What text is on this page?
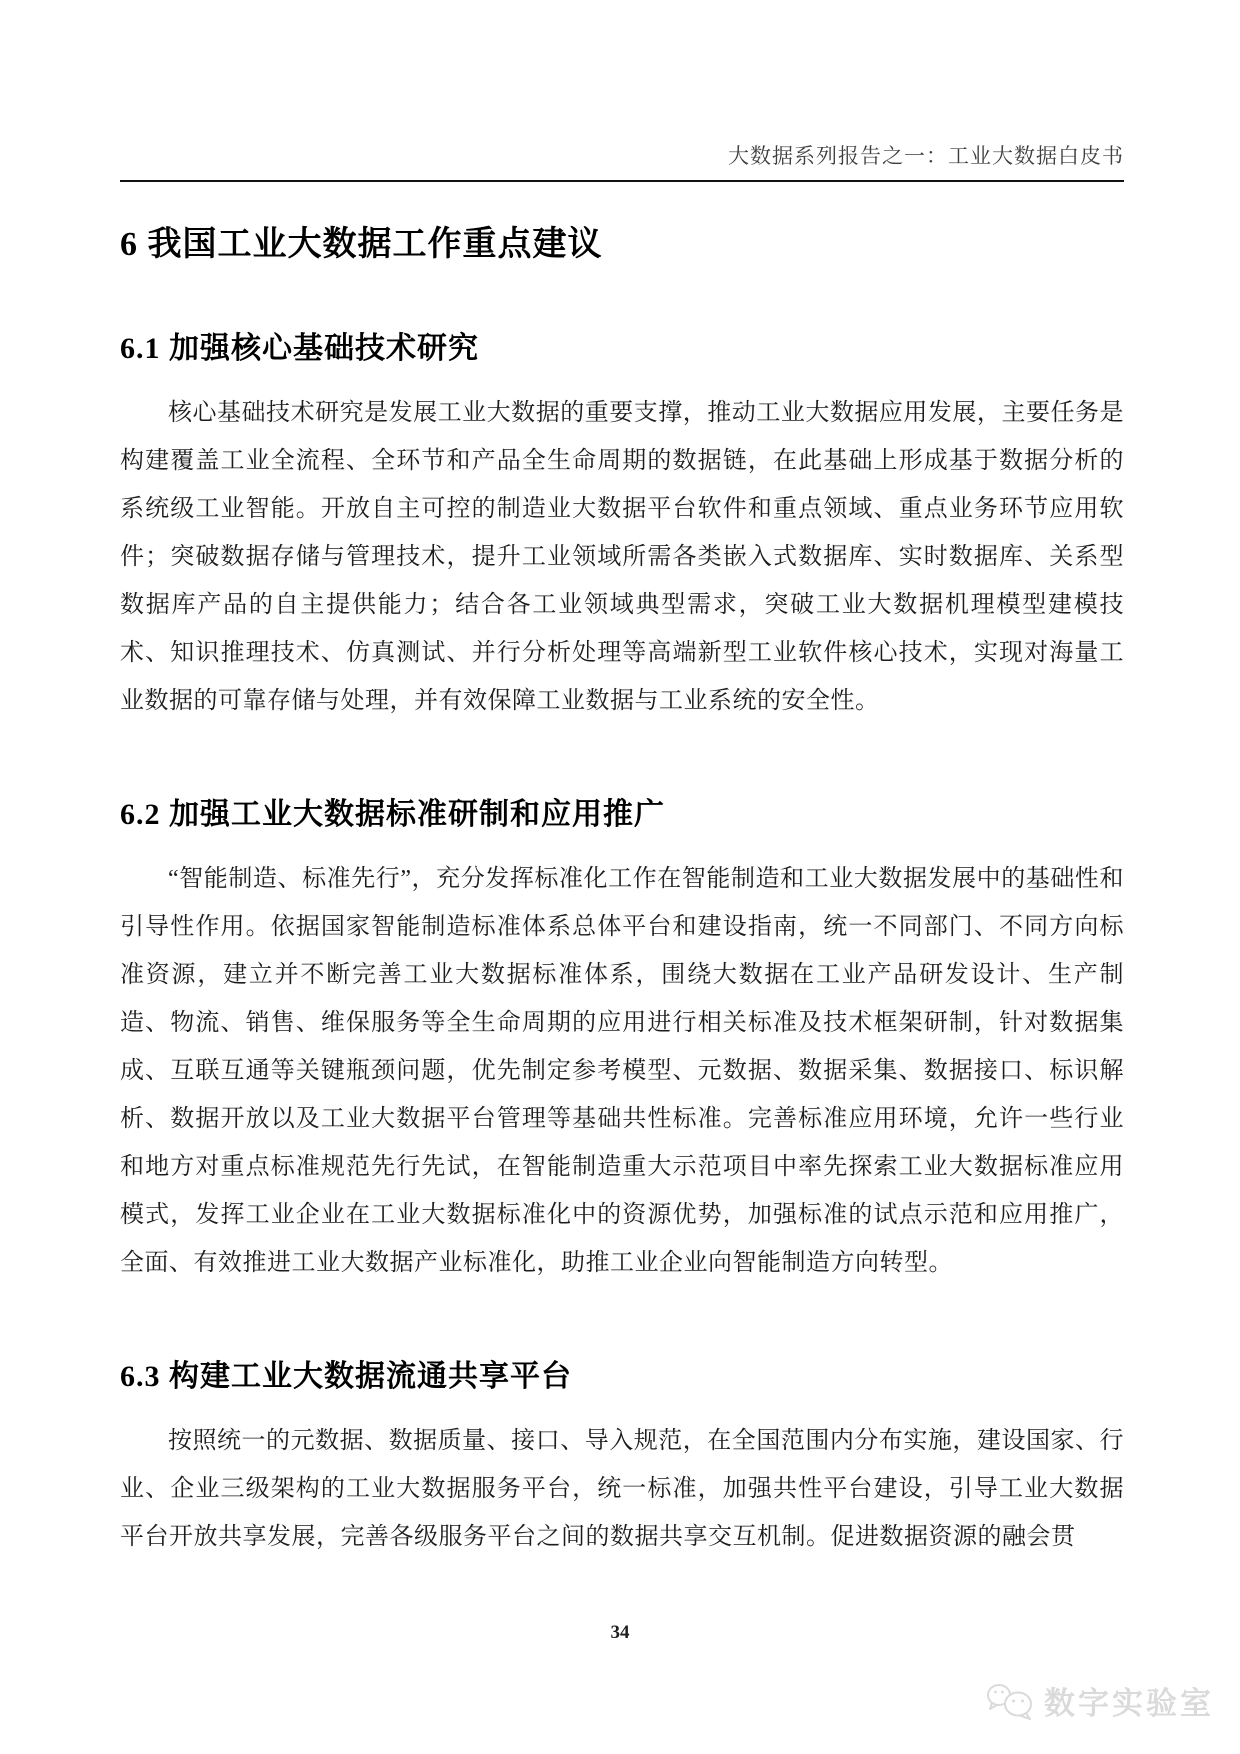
大数据系列报告之一：工业大数据白皮书
6 我国工业大数据工作重点建议
6.1 加强核心基础技术研究

核心基础技术研究是发展工业大数据的重要支撑，推动工业大数据应用发展，主要任务是构建覆盖工业全流程、全环节和产品全生命周期的数据链，在此基础上形成基于数据分析的系统级工业智能。开放自主可控的制造业大数据平台软件和重点领域、重点业务环节应用软件；突破数据存储与管理技术，提升工业领域所需各类嵌入式数据库、实时数据库、关系型数据库产品的自主提供能力；结合各工业领域典型需求，突破工业大数据机理模型建模技术、知识推理技术、仿真测试、并行分析处理等高端新型工业软件核心技术，实现对海量工业数据的可靠存储与处理，并有效保障工业数据与工业系统的安全性。

6.2 加强工业大数据标准研制和应用推广

“智能制造、标准先行”，充分发挥标准化工作在智能制造和工业大数据发展中的基础性和引导性作用。依据国家智能制造标准体系总体平台和建设指南，统一不同部门、不同方向标准资源，建立并不断完善工业大数据标准体系，围绕大数据在工业产品研发设计、生产制造、物流、销售、维保服务等全生命周期的应用进行相关标准及技术框架研制，针对数据集成、互联互通等关键瓶颈问题，优先制定参考模型、元数据、数据采集、数据接口、标识解析、数据开放以及工业大数据平台管理等基础共性标准。完善标准应用环境，允许一些行业和地方对重点标准规范先行先试，在智能制造重大示范项目中率先探索工业大数据标准应用模式，发挥工业企业在工业大数据标准化中的资源优势，加强标准的试点示范和应用推广，全面、有效推进工业大数据产业标准化，助推工业企业向智能制造方向转型。

6.3 构建工业大数据流通共享平台

按照统一的元数据、数据质量、接口、导入规范，在全国范围内分布实施，建设国家、行业、企业三级架构的工业大数据服务平台，统一标准，加强共性平台建设，引导工业大数据平台开放共享发展，完善各级服务平台之间的数据共享交互机制。促进数据资源的融会贯

34
数字实验室
